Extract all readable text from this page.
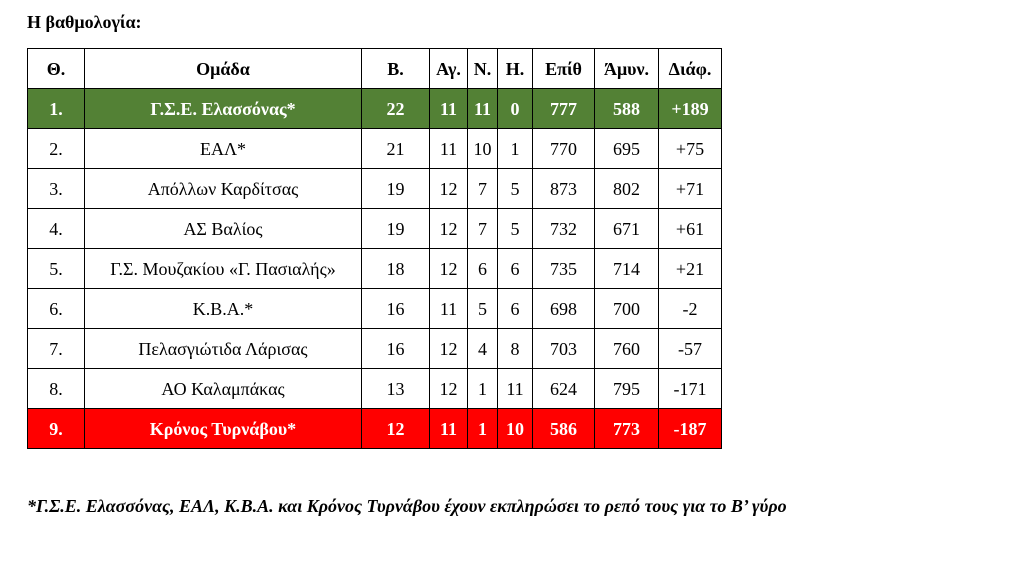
Η βαθμολογία:
Θ.	Ομάδα	Β.	Αγ.	Ν.	Η.	Επίθ	Άμυν.	Διάφ.
1.	Γ.Σ.Ε. Ελασσόνας*	22	11	11	0	777	588	+189
2.	ΕΑΛ*	21	11	10	1	770	695	+75
3.	Απόλλων Καρδίτσας	19	12	7	5	873	802	+71
4.	ΑΣ Βαλίος	19	12	7	5	732	671	+61
5.	Γ.Σ. Μουζακίου «Γ. Πασιαλής»	18	12	6	6	735	714	+21
6.	Κ.Β.Α.*	16	11	5	6	698	700	-2
7.	Πελασγιώτιδα Λάρισας	16	12	4	8	703	760	-57
8.	ΑΟ Καλαμπάκας	13	12	1	11	624	795	-171
9.	Κρόνος Τυρνάβου*	12	11	1	10	586	773	-187
*Γ.Σ.Ε. Ελασσόνας, ΕΑΛ, Κ.Β.Α. και Κρόνος Τυρνάβου έχουν εκπληρώσει το ρεπό τους για το Β’ γύρο
